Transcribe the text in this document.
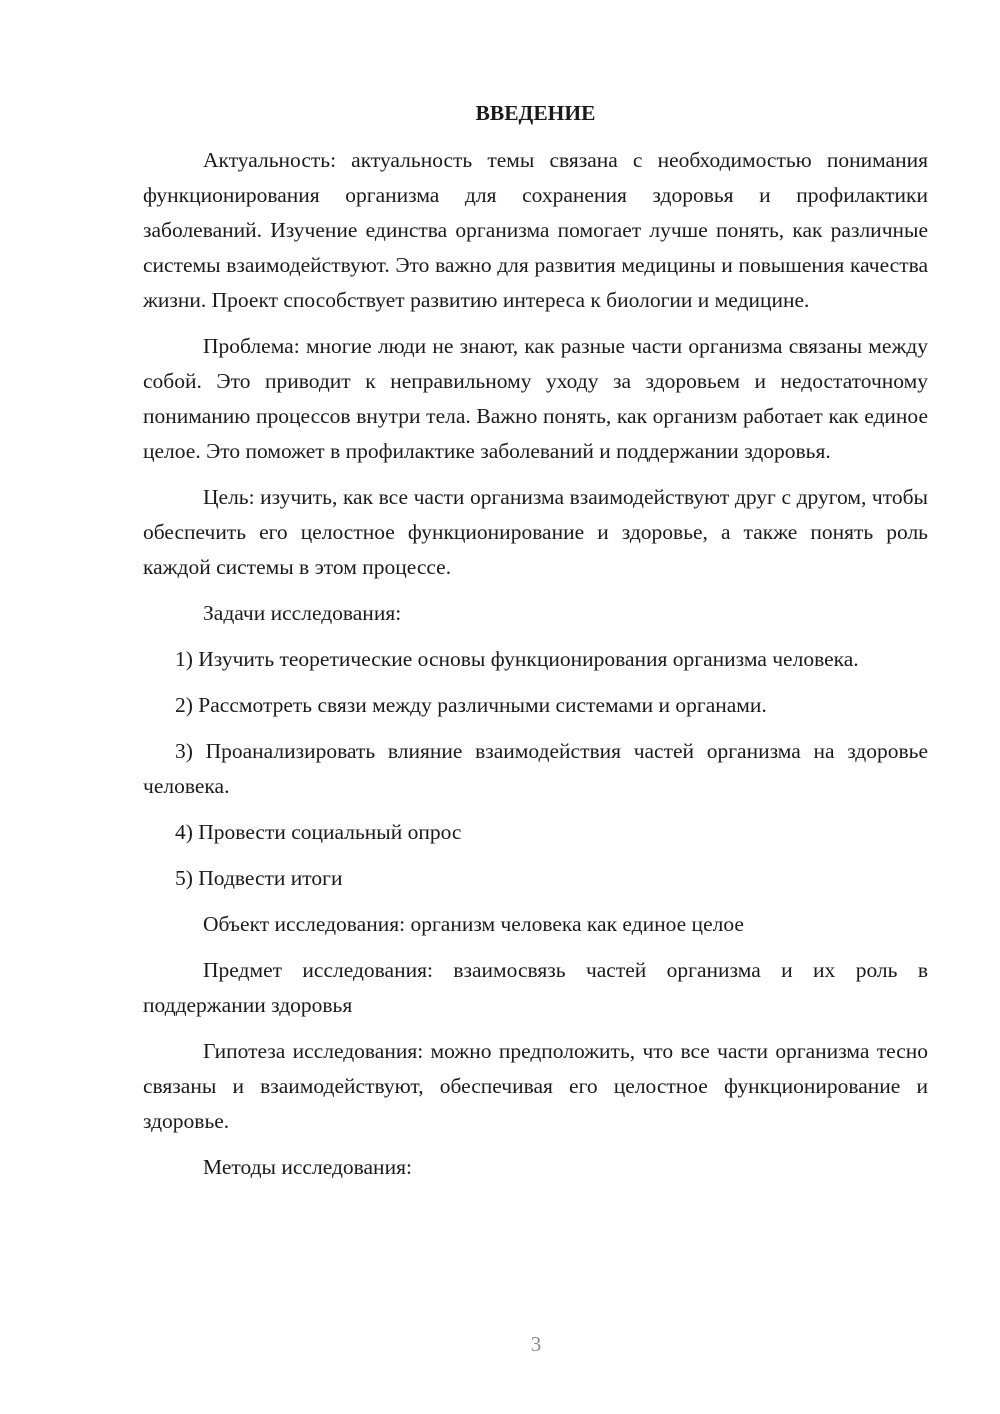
ВВЕДЕНИЕ

Актуальность: актуальность темы связана с необходимостью понимания функционирования организма для сохранения здоровья и профилактики заболеваний. Изучение единства организма помогает лучше понять, как различные системы взаимодействуют. Это важно для развития медицины и повышения качества жизни. Проект способствует развитию интереса к биологии и медицине.

Проблема: многие люди не знают, как разные части организма связаны между собой. Это приводит к неправильному уходу за здоровьем и недостаточному пониманию процессов внутри тела. Важно понять, как организм работает как единое целое. Это поможет в профилактике заболеваний и поддержании здоровья.

Цель: изучить, как все части организма взаимодействуют друг с другом, чтобы обеспечить его целостное функционирование и здоровье, а также понять роль каждой системы в этом процессе.

Задачи исследования:

1) Изучить теоретические основы функционирования организма человека.

2) Рассмотреть связи между различными системами и органами.

3) Проанализировать влияние взаимодействия частей организма на здоровье человека.

4) Провести социальный опрос

5) Подвести итоги

Объект исследования: организм человека как единое целое

Предмет исследования: взаимосвязь частей организма и их роль в поддержании здоровья

Гипотеза исследования: можно предположить, что все части организма тесно связаны и взаимодействуют, обеспечивая его целостное функционирование и здоровье.

Методы исследования:

3
